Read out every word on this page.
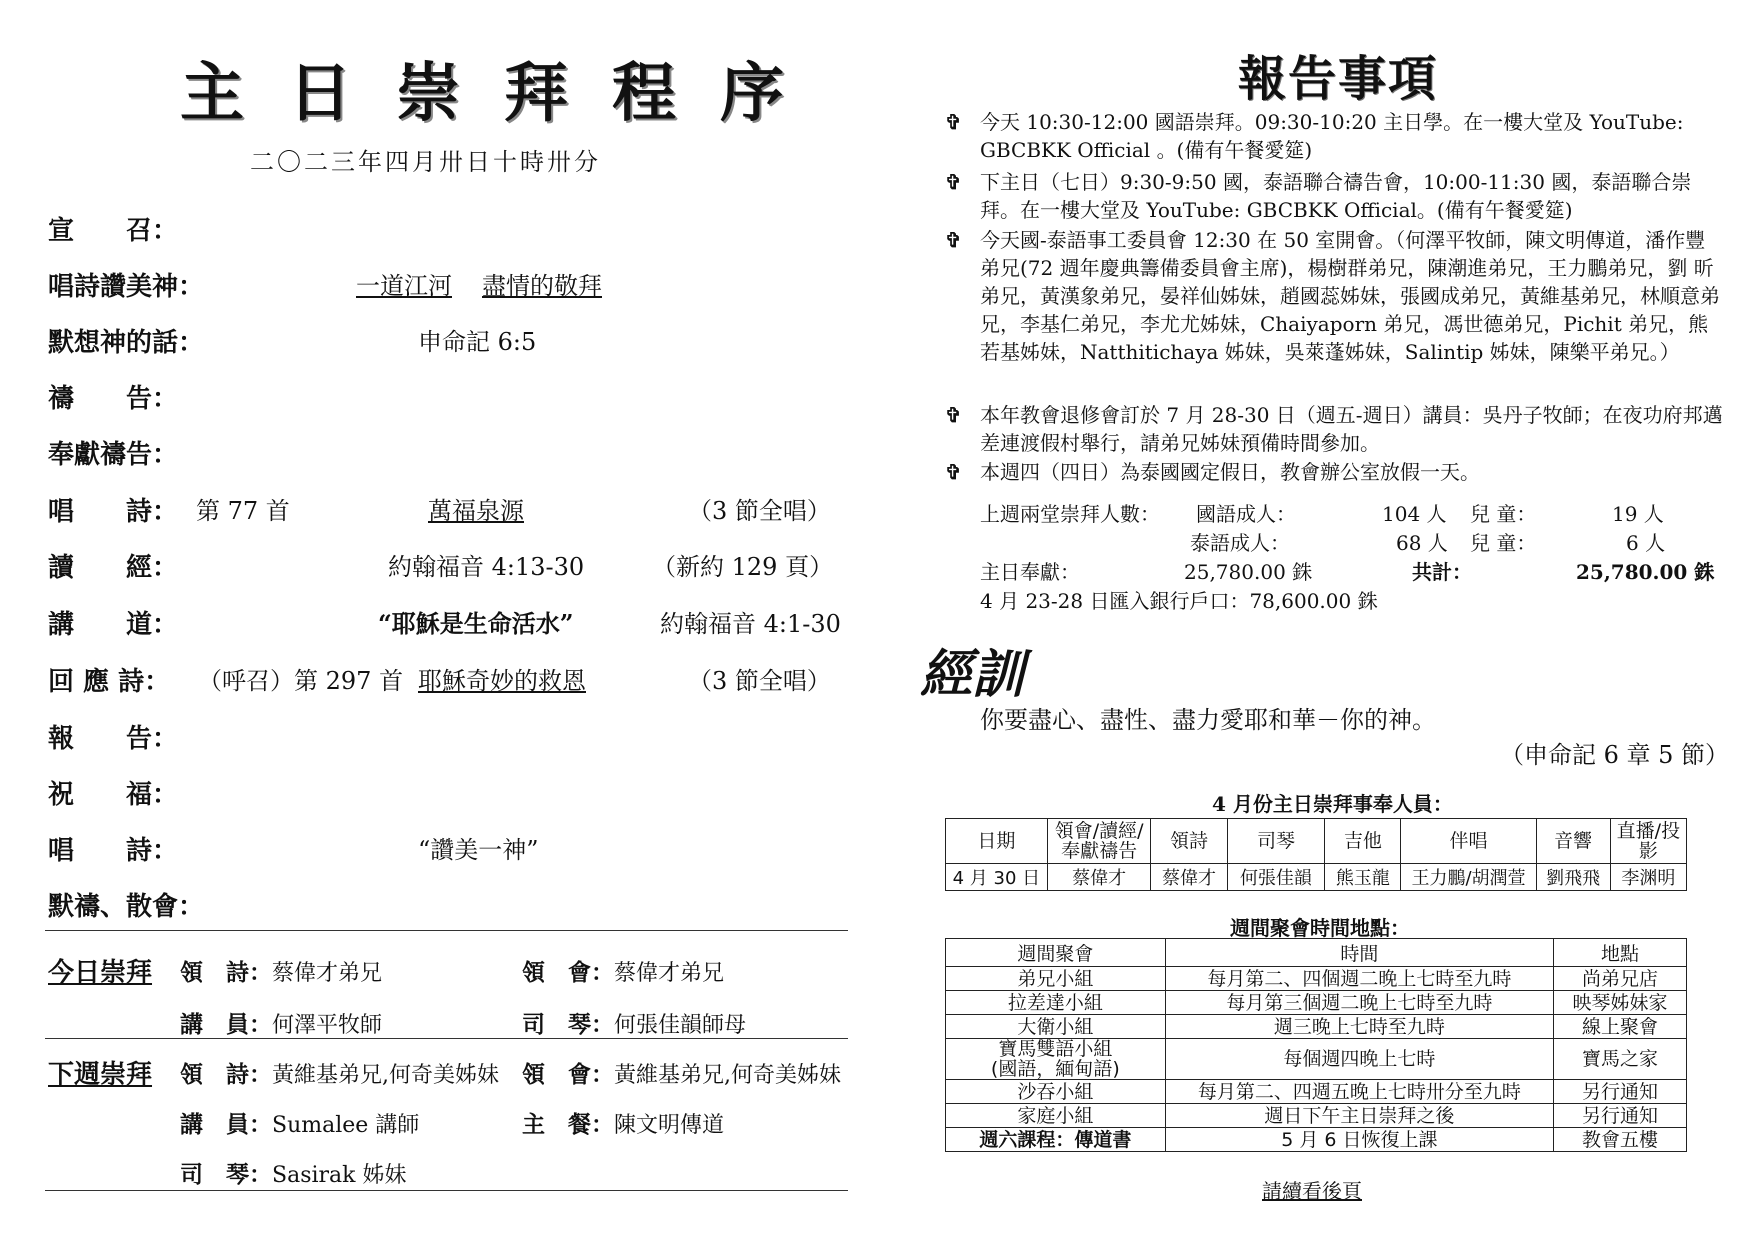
主日崇拜程序
二〇二三年四月卅日十時卅分
宣　　召：
唱詩讚美神：	一道江河 盡情的敬拜
默想神的話：	申命記 6:5
禱　　告：
奉獻禱告：
唱　　詩： 第 77 首	萬福泉源	（3 節全唱）
讀　　經：	約翰福音 4:13-30	（新約 129 頁）
講　　道：	“耶穌是生命活水”	約翰福音 4:1-30
回 應 詩： （呼召）第 297 首 耶穌奇妙的救恩	（3 節全唱）
報　　告：
祝　　福：
唱　　詩：	“讚美一神”
默禱、散會：
今日崇拜 領　詩：蔡偉才弟兄	領　會：蔡偉才弟兄
講　員：何澤平牧師	司　琴：何張佳韻師母
下週崇拜 領　詩：黃維基弟兄,何奇美姊妹 領　會：黃維基弟兄,何奇美姊妹
講　員：Sumalee 講師	主　餐：陳文明傳道
司　琴：Sasirak 姊妹
報告事項
✞ 今天 10:30-12:00 國語崇拜。09:30-10:20 主日學。在一樓大堂及 YouTube: GBCBKK Official 。(備有午餐愛筵)
✞ 下主日（七日）9:30-9:50 國，泰語聯合禱告會，10:00-11:30 國，泰語聯合崇拜。在一樓大堂及 YouTube: GBCBKK Official。(備有午餐愛筵)
✞ 今天國-泰語事工委員會 12:30 在 50 室開會。（何澤平牧師，陳文明傳道，潘作豐弟兄(72 週年慶典籌備委員會主席)，楊樹群弟兄，陳潮進弟兄，王力鵬弟兄，劉 昕弟兄，黃漢象弟兄，晏祥仙姊妹，趙國蕊姊妹，張國成弟兄，黃維基弟兄，林順意弟兄，李基仁弟兄，李尤尤姊妹，Chaiyaporn 弟兄，馮世德弟兄，Pichit 弟兄，熊若基姊妹，Natthitichaya 姊妹，吳萊蓬姊妹，Salintip 姊妹，陳樂平弟兄。）
✞ 本年教會退修會訂於 7 月 28-30 日（週五-週日）講員：吳丹子牧師；在夜功府邦邁差連渡假村舉行，請弟兄姊妹預備時間參加。
✞ 本週四（四日）為泰國國定假日，教會辦公室放假一天。
上週兩堂崇拜人數： 國語成人：	104 人 兒 童：	19 人
泰語成人：	68 人 兒 童：	6 人
主日奉獻：	25,780.00 銖	共計：	25,780.00 銖
4 月 23-28 日匯入銀行戶口：78,600.00 銖
經訓
你要盡心、盡性、盡力愛耶和華－你的神。
（申命記 6 章 5 節）
4 月份主日崇拜事奉人員：
日期	領會/讀經/奉獻禱告	領詩	司琴	吉他	伴唱	音響	直播/投影
4 月 30 日	蔡偉才	蔡偉才	何張佳韻	熊玉龍	王力鵬/胡潤萱	劉飛飛	李渊明
週間聚會時間地點：
週間聚會	時間	地點
弟兄小組	每月第二、四個週二晚上七時至九時	尚弟兄店
拉差達小組	每月第三個週二晚上七時至九時	映琴姊妹家
大衛小組	週三晚上七時至九時	線上聚會
寶馬雙語小組
(國語，緬甸語)	每個週四晚上七時	寶馬之家
沙吞小組	每月第二、四週五晚上七時卅分至九時	另行通知
家庭小組	週日下午主日崇拜之後	另行通知
週六課程：傳道書	5 月 6 日恢復上課	教會五樓
請續看後頁
